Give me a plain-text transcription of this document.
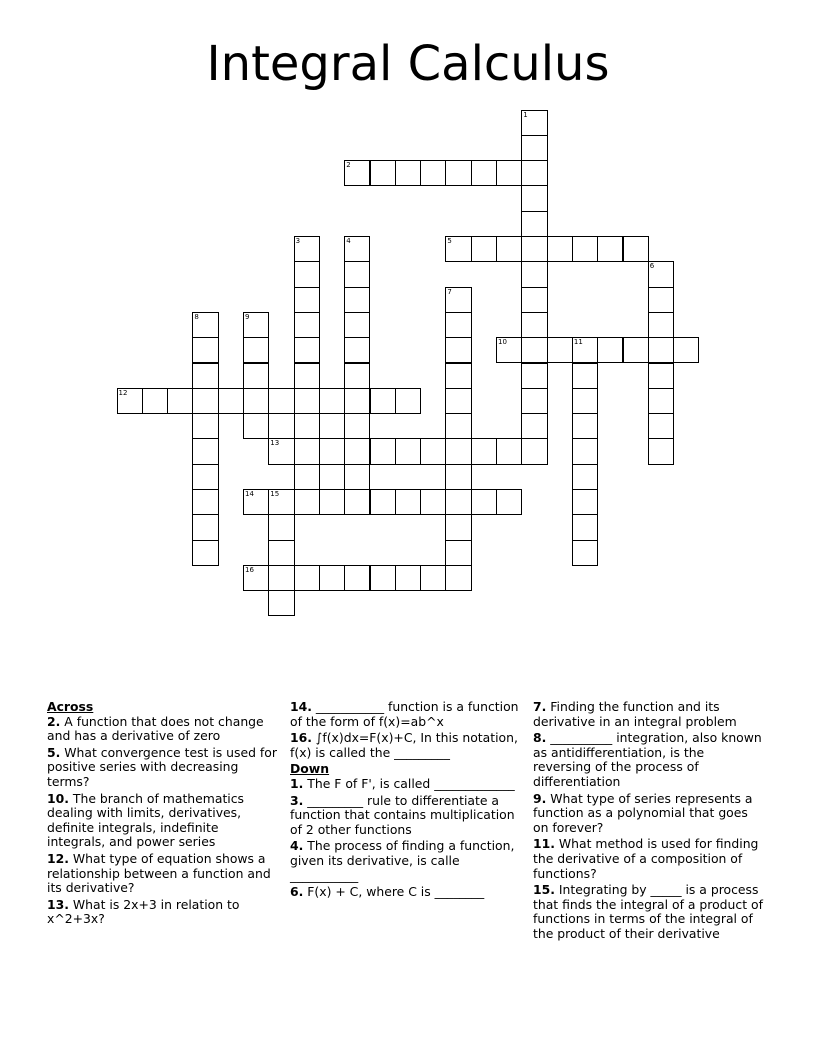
Integral Calculus
1
2
3	4	5
6
7
8	9
10	11
12
13
14 15
16
Across
2. A function that does not change and has a derivative of zero
5. What convergence test is used for positive series with decreasing terms?
10. The branch of mathematics dealing with limits, derivatives, definite integrals, indefinite integrals, and power series
12. What type of equation shows a relationship between a function and its derivative?
13. What is 2x+3 in relation to x^2+3x?
14. ___________ function is a function of the form of f(x)=ab^x
16. ∫f(x)dx=F(x)+C, In this notation, f(x) is called the _________
Down
1. The F of F', is called _____________
3. _________ rule to differentiate a function that contains multiplication of 2 other functions
4. The process of finding a function, given its derivative, is calle ___________
6. F(x) + C, where C is ________
7. Finding the function and its derivative in an integral problem
8. __________ integration, also known as antidifferentiation, is the reversing of the process of differentiation
9. What type of series represents a function as a polynomial that goes on forever?
11. What method is used for finding the derivative of a composition of functions?
15. Integrating by _____ is a process that finds the integral of a product of functions in terms of the integral of the product of their derivative
